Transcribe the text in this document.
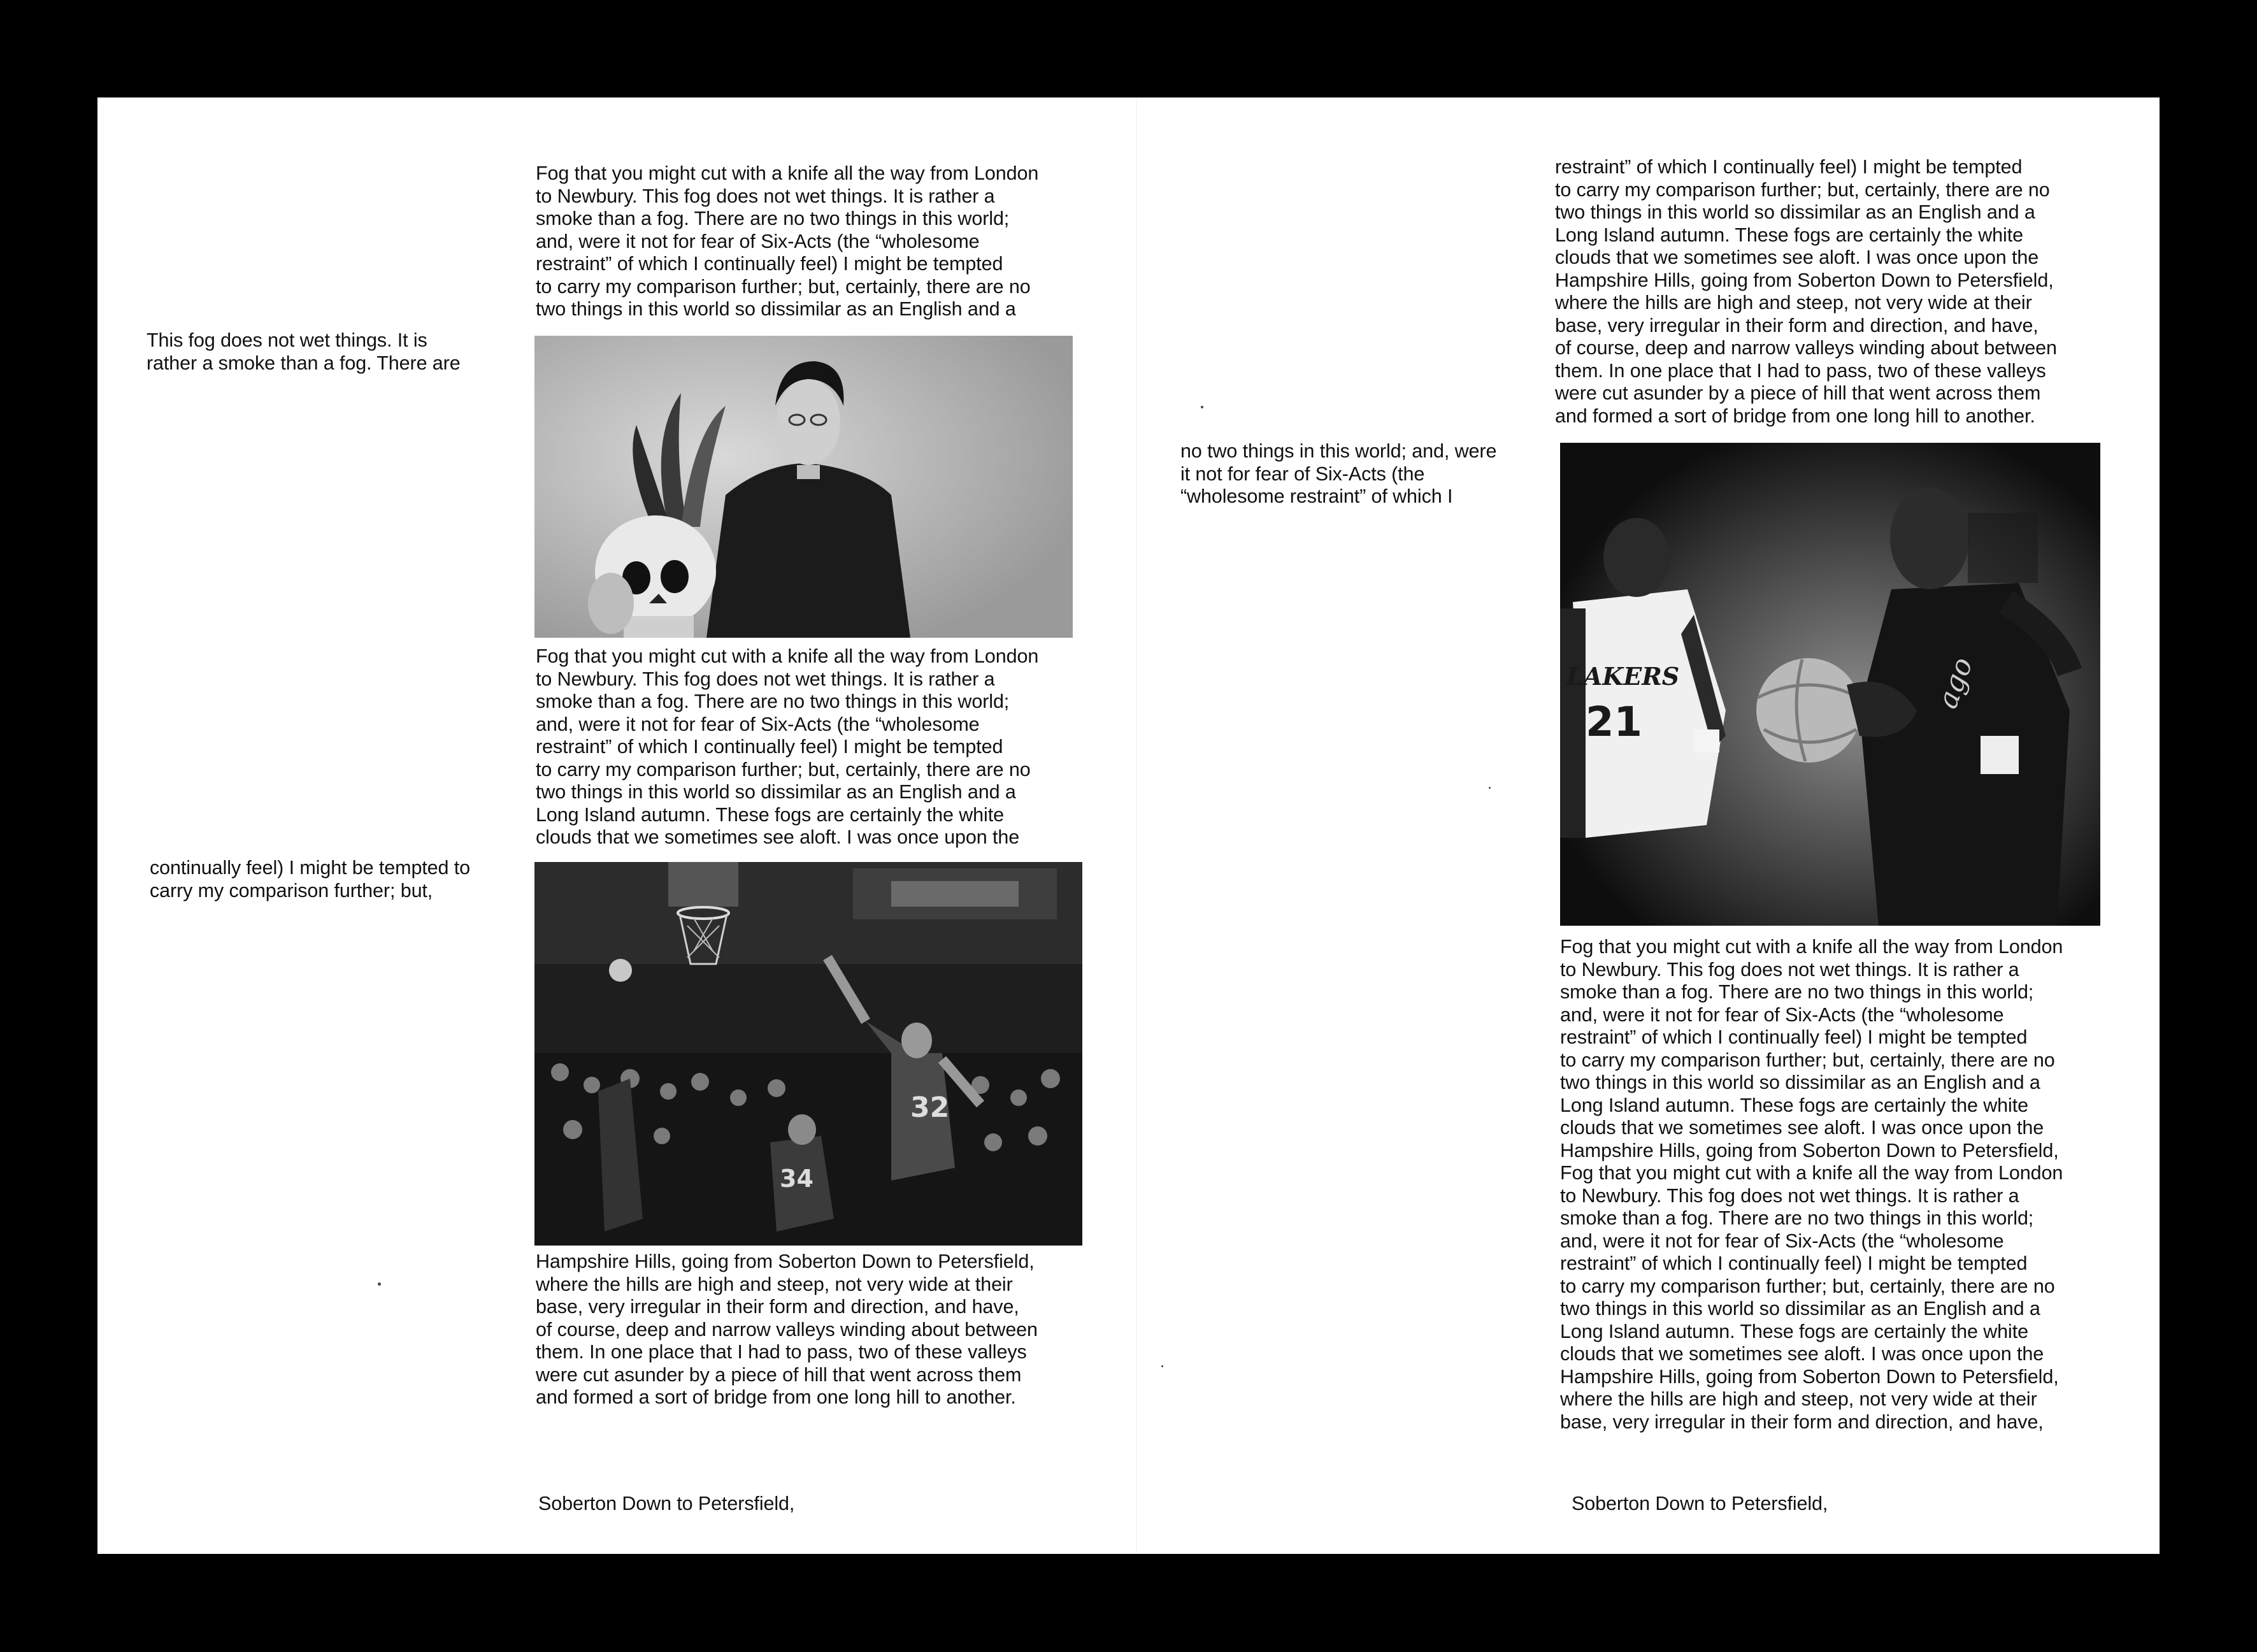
This fog does not wet things. It is
rather a smoke than a fog. There are

continually feel) I might be tempted to
carry my comparison further; but,

Fog that you might cut with a knife all the way from London
to Newbury. This fog does not wet things. It is rather a
smoke than a fog. There are no two things in this world;
and, were it not for fear of Six-Acts (the “wholesome
restraint” of which I continually feel) I might be tempted
to carry my comparison further; but, certainly, there are no
two things in this world so dissimilar as an English and a

Fog that you might cut with a knife all the way from London
to Newbury. This fog does not wet things. It is rather a
smoke than a fog. There are no two things in this world;
and, were it not for fear of Six-Acts (the “wholesome
restraint” of which I continually feel) I might be tempted
to carry my comparison further; but, certainly, there are no
two things in this world so dissimilar as an English and a
Long Island autumn. These fogs are certainly the white
clouds that we sometimes see aloft. I was once upon the

32
34

Hampshire Hills, going from Soberton Down to Petersfield,
where the hills are high and steep, not very wide at their
base, very irregular in their form and direction, and have,
of course, deep and narrow valleys winding about between
them. In one place that I had to pass, two of these valleys
were cut asunder by a piece of hill that went across them
and formed a sort of bridge from one long hill to another.

Soberton Down to Petersfield,

no two things in this world; and, were
it not for fear of Six-Acts (the
“wholesome restraint” of which I

restraint” of which I continually feel) I might be tempted
to carry my comparison further; but, certainly, there are no
two things in this world so dissimilar as an English and a
Long Island autumn. These fogs are certainly the white
clouds that we sometimes see aloft. I was once upon the
Hampshire Hills, going from Soberton Down to Petersfield,
where the hills are high and steep, not very wide at their
base, very irregular in their form and direction, and have,
of course, deep and narrow valleys winding about between
them. In one place that I had to pass, two of these valleys
were cut asunder by a piece of hill that went across them
and formed a sort of bridge from one long hill to another.

LAKERS
21
ago

Fog that you might cut with a knife all the way from London
to Newbury. This fog does not wet things. It is rather a
smoke than a fog. There are no two things in this world;
and, were it not for fear of Six-Acts (the “wholesome
restraint” of which I continually feel) I might be tempted
to carry my comparison further; but, certainly, there are no
two things in this world so dissimilar as an English and a
Long Island autumn. These fogs are certainly the white
clouds that we sometimes see aloft. I was once upon the
Hampshire Hills, going from Soberton Down to Petersfield,
Fog that you might cut with a knife all the way from London
to Newbury. This fog does not wet things. It is rather a
smoke than a fog. There are no two things in this world;
and, were it not for fear of Six-Acts (the “wholesome
restraint” of which I continually feel) I might be tempted
to carry my comparison further; but, certainly, there are no
two things in this world so dissimilar as an English and a
Long Island autumn. These fogs are certainly the white
clouds that we sometimes see aloft. I was once upon the
Hampshire Hills, going from Soberton Down to Petersfield,
where the hills are high and steep, not very wide at their
base, very irregular in their form and direction, and have,

Soberton Down to Petersfield,
